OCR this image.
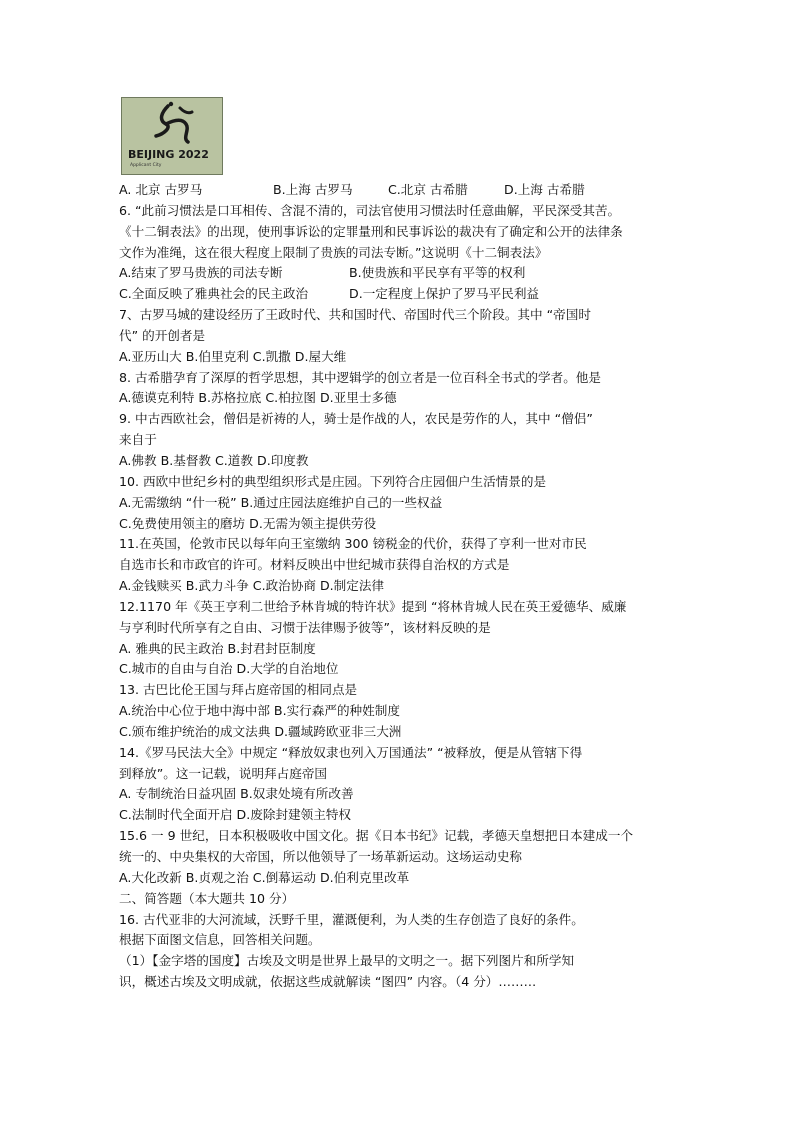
BEIJING 2022
Applicant City
A. 北京 古罗马	B.上海 古罗马	C.北京 古希腊	D.上海 古希腊
6. “此前习惯法是口耳相传、含混不清的，司法官使用习惯法时任意曲解，平民深受其苦。
《十二铜表法》的出现，使刑事诉讼的定罪量刑和民事诉讼的裁决有了确定和公开的法律条
文作为准绳，这在很大程度上限制了贵族的司法专断。”这说明《十二铜表法》
A.结束了罗马贵族的司法专断	B.使贵族和平民享有平等的权利
C.全面反映了雅典社会的民主政治	D.一定程度上保护了罗马平民利益
7、古罗马城的建设经历了王政时代、共和国时代、帝国时代三个阶段。其中 “帝国时
代” 的开创者是
A.亚历山大 B.伯里克利 C.凯撒 D.屋大维
8. 古希腊孕育了深厚的哲学思想，其中逻辑学的创立者是一位百科全书式的学者。他是
A.德谟克利特 B.苏格拉底 C.柏拉图 D.亚里士多德
9. 中古西欧社会，僧侣是祈祷的人，骑士是作战的人，农民是劳作的人，其中 “僧侣”
来自于
A.佛教 B.基督教 C.道教 D.印度教
10. 西欧中世纪乡村的典型组织形式是庄园。下列符合庄园佃户生活情景的是
A.无需缴纳 “什一税” B.通过庄园法庭维护自己的一些权益
C.免费使用领主的磨坊 D.无需为领主提供劳役
11.在英国，伦敦市民以每年向王室缴纳 300 镑税金的代价，获得了亨利一世对市民
自选市长和市政官的许可。材料反映出中世纪城市获得自治权的方式是
A.金钱赎买 B.武力斗争 C.政治协商 D.制定法律
12.1170 年《英王亨利二世给予林肯城的特许状》提到 “将林肯城人民在英王爱德华、威廉
与亨利时代所享有之自由、习惯于法律赐予彼等”，该材料反映的是
A. 雅典的民主政治 B.封君封臣制度
C.城市的自由与自治 D.大学的自治地位
13. 古巴比伦王国与拜占庭帝国的相同点是
A.统治中心位于地中海中部 B.实行森严的种姓制度
C.颁布维护统治的成文法典 D.疆域跨欧亚非三大洲
14.《罗马民法大全》中规定 “释放奴隶也列入万国通法” “被释放，便是从管辖下得
到释放”。这一记载，说明拜占庭帝国
A. 专制统治日益巩固 B.奴隶处境有所改善
C.法制时代全面开启 D.废除封建领主特权
15.6 一 9 世纪，日本积极吸收中国文化。据《日本书纪》记载，孝德天皇想把日本建成一个
统一的、中央集权的大帝国，所以他领导了一场革新运动。这场运动史称
A.大化改新 B.贞观之治 C.倒幕运动 D.伯利克里改革
二、简答题（本大题共 10 分）
16. 古代亚非的大河流域，沃野千里，灌溉便利，为人类的生存创造了良好的条件。
根据下面图文信息，回答相关问题。
（1）【金字塔的国度】古埃及文明是世界上最早的文明之一。据下列图片和所学知
识，概述古埃及文明成就，依据这些成就解读 “图四” 内容。（4 分）………
